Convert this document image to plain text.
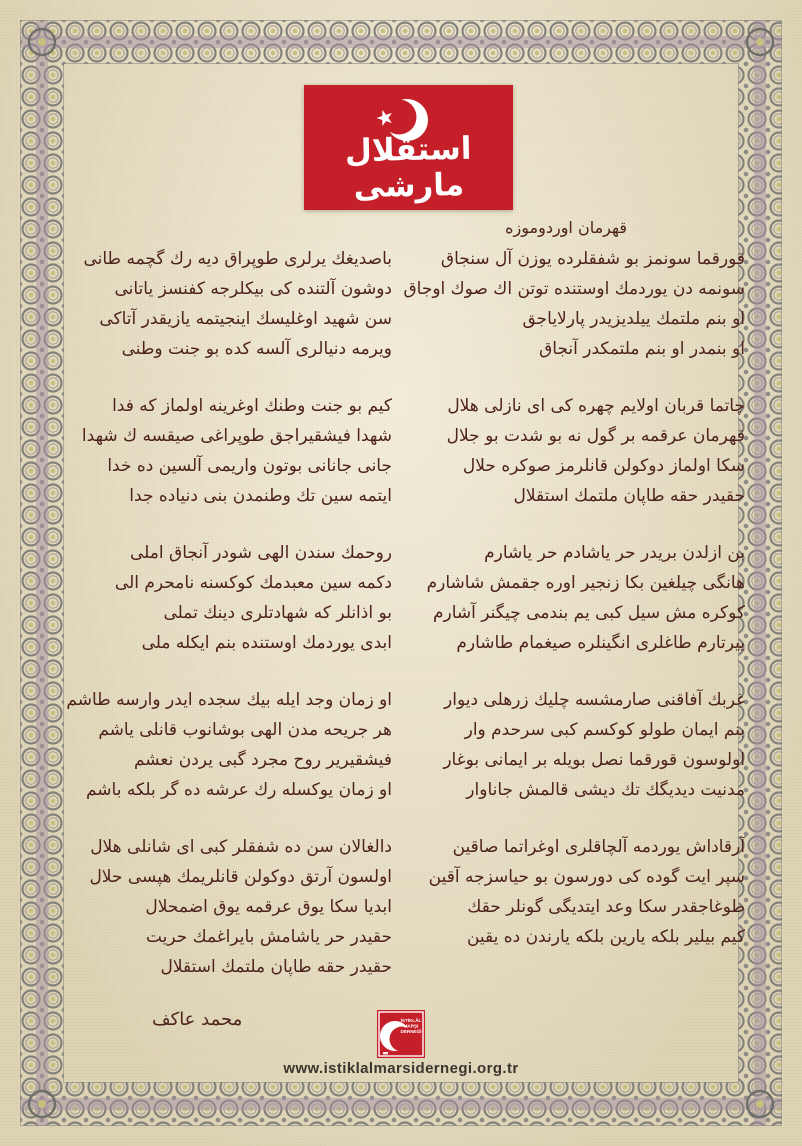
استقلال مارشى
قهرمان اوردوموزه
قورقما سونمز بو شفقلرده يوزن آل سنجاق
سونمه دن يوردمك اوستنده توتن اك صوك اوجاق
او بنم ملتمك ييلديزيدر پارلاياجق
او بنمدر او بنم ملتمكدر آنجاق
چاتما قربان اولايم چهره كى اى نازلى هلال
قهرمان عرقمه بر گول نه بو شدت بو جلال
سكا اولماز دوكولن قانلرمز صوكره حلال
حقيدر حقه طاپان ملتمك استقلال
بن ازلدن بريدر حر ياشادم حر ياشارم
هانگى چيلغين بكا زنجير اوره جقمش شاشارم
كوكره مش سيل كبى يم بندمى چيگنر آشارم
ييرتارم طاغلرى انگينلره صيغمام طاشارم
غربك آفاقنى صارمشسه چليك زرهلى ديوار
بنم ايمان طولو كوكسم كبى سرحدم وار
اولوسون قورقما نصل بويله بر ايمانى بوغار
مدنيت ديديگك تك ديشى قالمش جاناوار
آرقاداش يوردمه آلچاقلرى اوغراتما صاقين
سپر ايت گوده كى دورسون بو حياسزجه آقين
طوغاجقدر سكا وعد ايتديگى گونلر حقك
كيم بيلير بلكه يارين بلكه يارندن ده يقين
باصديغك يرلرى طوپراق ديه رك گچمه طانى
دوشون آلتنده كى بيكلرجه كفنسز ياتانى
سن شهيد اوغليسك اينجيتمه يازيقدر آتاكى
ويرمه دنيالرى آلسه كده بو جنت وطنى
كيم بو جنت وطنك اوغرينه اولماز كه فدا
شهدا فيشقيراجق طوپراغى صيقسه ك شهدا
جانى جانانى بوتون واريمى آلسين ده خدا
ايتمه سين تك وطنمدن بنى دنياده جدا
روحمك سندن الهى شودر آنجاق املى
دكمه سين معبدمك كوكسنه نامحرم الى
بو اذانلر كه شهادتلرى دينك تملى
ابدى يوردمك اوستنده بنم ايكله ملى
او زمان وجد ايله بيك سجده ايدر وارسه طاشم
هر جريحه مدن الهى بوشانوب قانلى ياشم
فيشقيرير روح مجرد گبى يردن نعشم
او زمان يوكسله رك عرشه ده گر بلكه باشم
دالغالان سن ده شفقلر كبى اى شانلى هلال
اولسون آرتق دوكولن قانلريمك هپسى حلال
ابديا سكا يوق عرقمه يوق اضمحلال
حقيدر حر ياشامش بايراغمك حريت
حقيدر حقه طاپان ملتمك استقلال
محمد عاكف	İSTİKLÂL
MARŞI
DERNEĞİ
www.istiklalmarsidernegi.org.tr
